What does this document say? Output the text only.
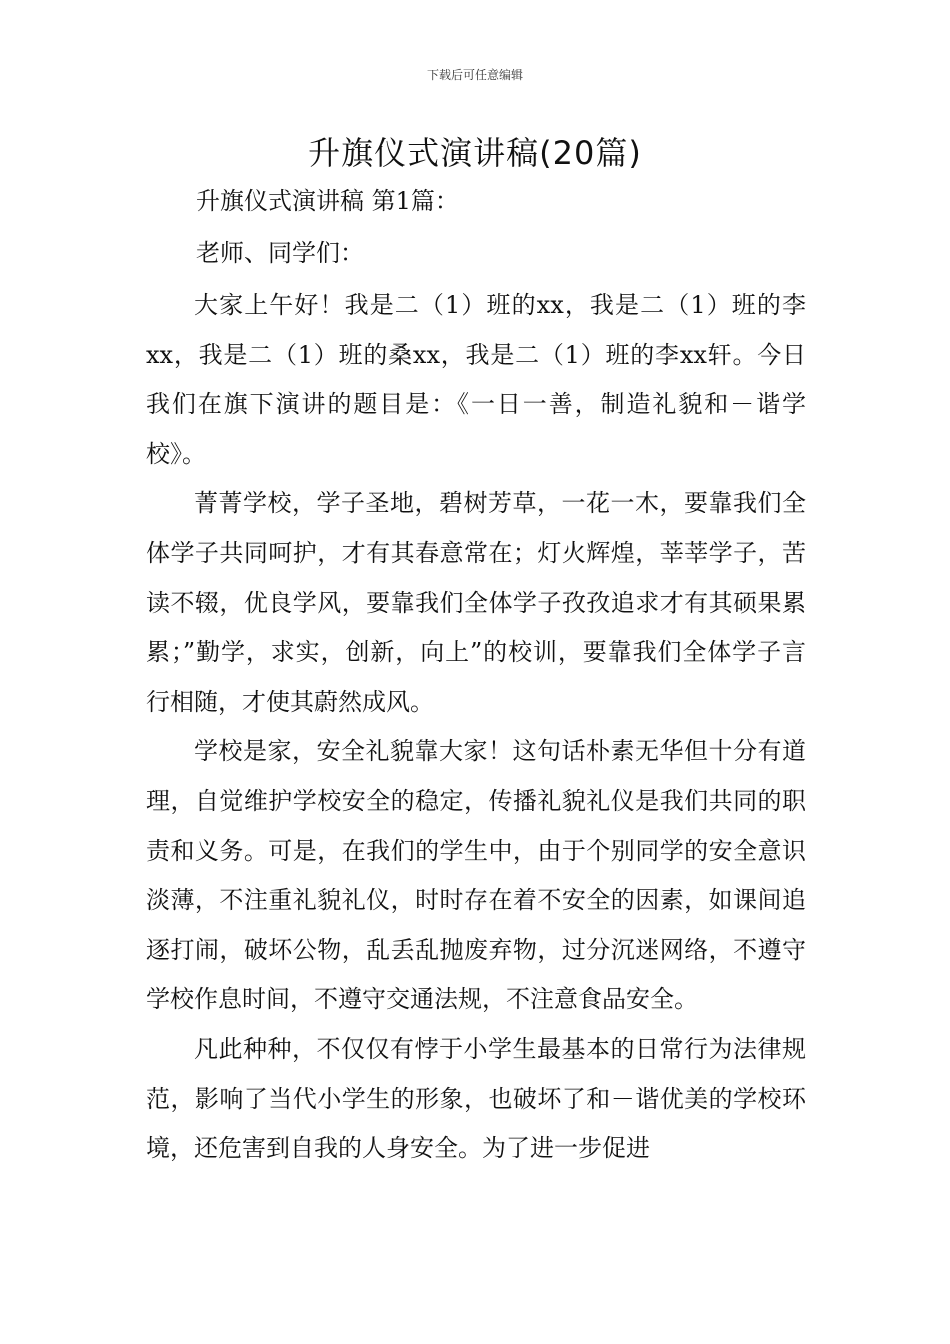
下载后可任意编辑
升旗仪式演讲稿(20篇)

升旗仪式演讲稿 第1篇：

老师、同学们：

大家上午好！我是二（1）班的xx，我是二（1）班的李xx，我是二（1）班的桑xx，我是二（1）班的李xx轩。今日我们在旗下演讲的题目是：《一日一善，制造礼貌和－谐学校》。

菁菁学校，学子圣地，碧树芳草，一花一木，要靠我们全体学子共同呵护，才有其春意常在；灯火辉煌，莘莘学子，苦读不辍，优良学风，要靠我们全体学子孜孜追求才有其硕果累累；”勤学，求实，创新，向上”的校训，要靠我们全体学子言行相随，才使其蔚然成风。

学校是家，安全礼貌靠大家！这句话朴素无华但十分有道理，自觉维护学校安全的稳定，传播礼貌礼仪是我们共同的职责和义务。可是，在我们的学生中，由于个别同学的安全意识淡薄，不注重礼貌礼仪，时时存在着不安全的因素，如课间追逐打闹，破坏公物，乱丢乱抛废弃物，过分沉迷网络，不遵守学校作息时间，不遵守交通法规，不注意食品安全。

凡此种种，不仅仅有悖于小学生最基本的日常行为法律规范，影响了当代小学生的形象，也破坏了和－谐优美的学校环境，还危害到自我的人身安全。为了进一步促进
